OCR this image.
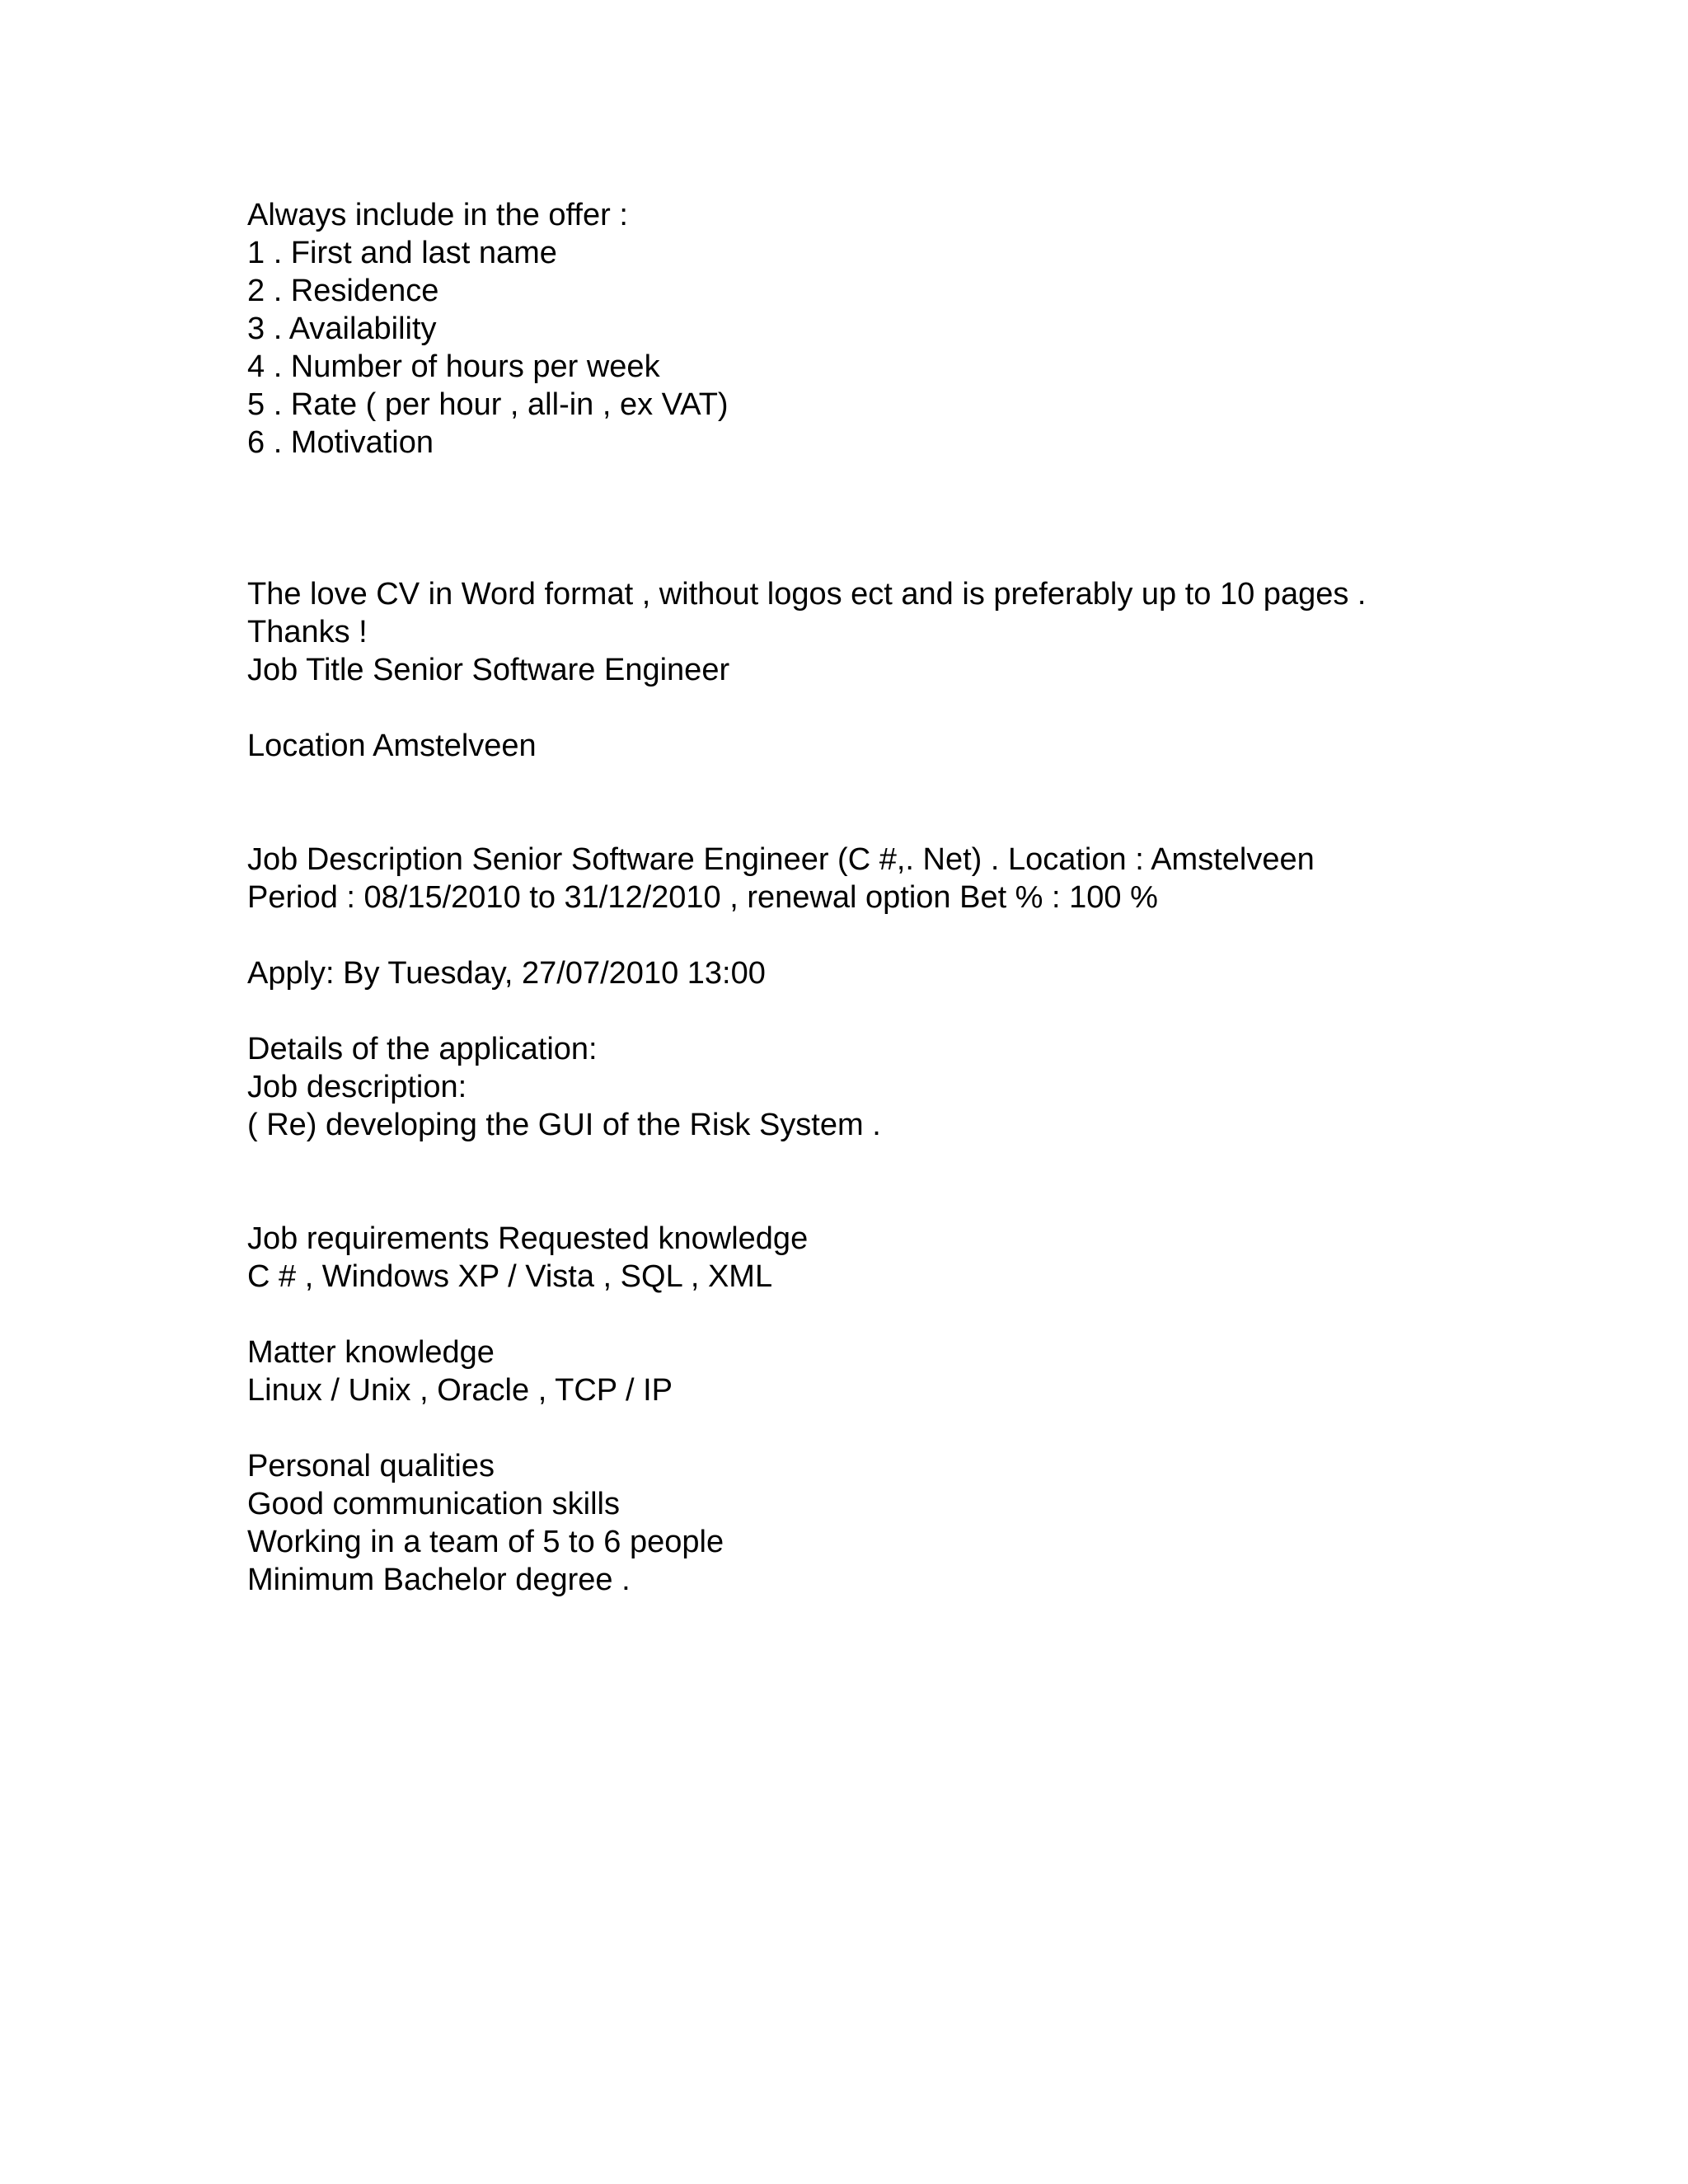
Always include in the offer :
1 . First and last name
2 . Residence
3 . Availability
4 . Number of hours per week
5 . Rate ( per hour , all-in , ex VAT)
6 . Motivation
The love CV in Word format , without logos ect and is preferably up to 10 pages .
Thanks !
Job Title Senior Software Engineer
Location Amstelveen
Job Description Senior Software Engineer (C #,. Net) . Location : Amstelveen
Period : 08/15/2010 to 31/12/2010 , renewal option Bet % : 100 %
Apply: By Tuesday, 27/07/2010 13:00
Details of the application:
Job description:
( Re) developing the GUI of the Risk System .
Job requirements Requested knowledge
C # , Windows XP / Vista , SQL , XML
Matter knowledge
Linux / Unix , Oracle , TCP / IP
Personal qualities
Good communication skills
Working in a team of 5 to 6 people
Minimum Bachelor degree .
